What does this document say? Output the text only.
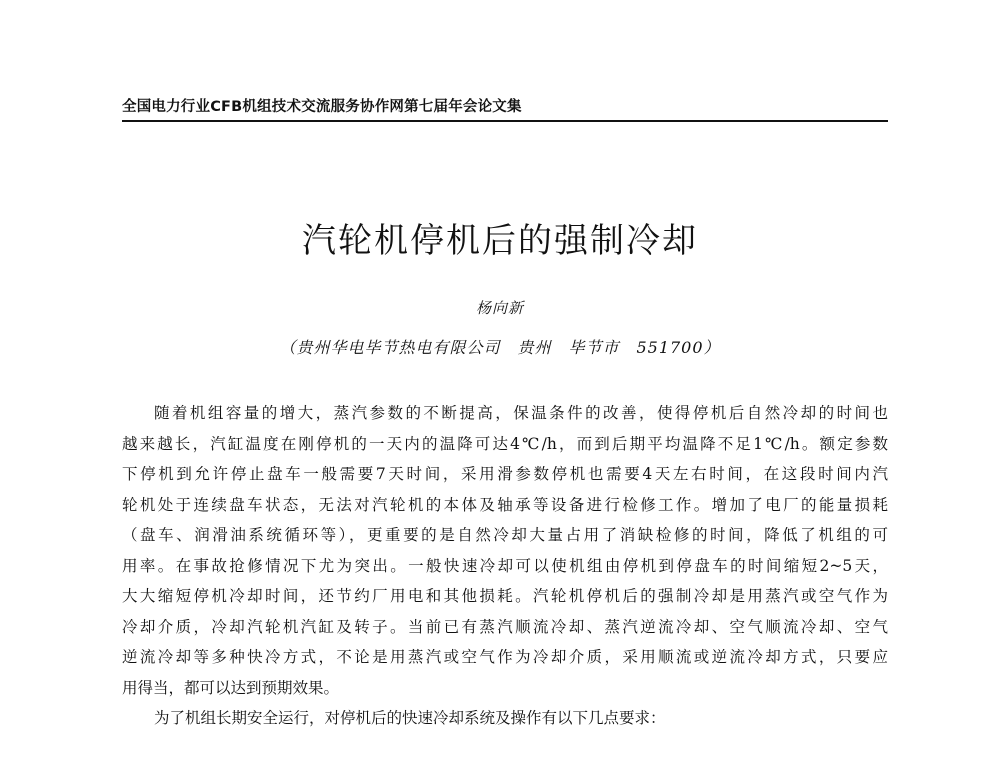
全国电力行业CFB机组技术交流服务协作网第七届年会论文集
汽轮机停机后的强制冷却
杨向新
（贵州华电毕节热电有限公司　贵州　毕节市　551700）
随着机组容量的增大，蒸汽参数的不断提高，保温条件的改善，使得停机后自然冷却的时间也
越来越长，汽缸温度在刚停机的一天内的温降可达4℃/h，而到后期平均温降不足1℃/h。额定参数
下停机到允许停止盘车一般需要7天时间，采用滑参数停机也需要4天左右时间，在这段时间内汽
轮机处于连续盘车状态，无法对汽轮机的本体及轴承等设备进行检修工作。增加了电厂的能量损耗
（盘车、润滑油系统循环等），更重要的是自然冷却大量占用了消缺检修的时间，降低了机组的可
用率。在事故抢修情况下尤为突出。一般快速冷却可以使机组由停机到停盘车的时间缩短2~5天，
大大缩短停机冷却时间，还节约厂用电和其他损耗。汽轮机停机后的强制冷却是用蒸汽或空气作为
冷却介质，冷却汽轮机汽缸及转子。当前已有蒸汽顺流冷却、蒸汽逆流冷却、空气顺流冷却、空气
逆流冷却等多种快冷方式，不论是用蒸汽或空气作为冷却介质，采用顺流或逆流冷却方式，只要应
用得当，都可以达到预期效果。
为了机组长期安全运行，对停机后的快速冷却系统及操作有以下几点要求：
